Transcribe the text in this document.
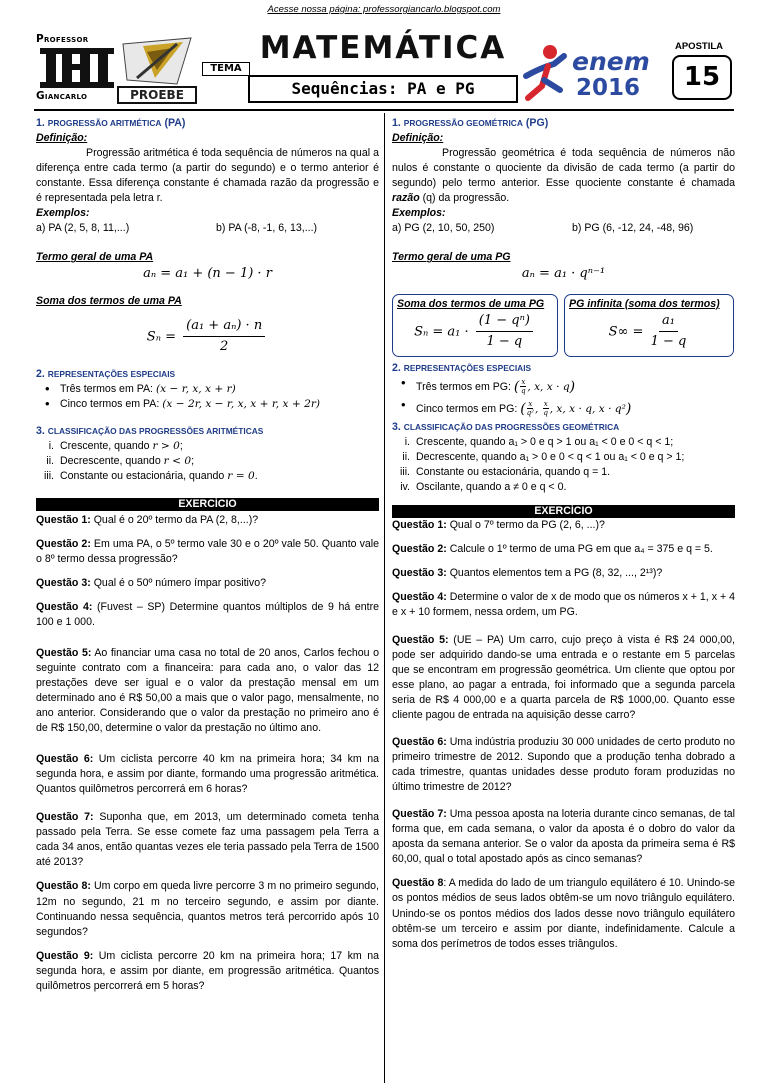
Acesse nossa página: professorgiancarlo.blogspot.com
Professor
Giancarlo	PROEBE
TEMA
MATEMÁTICA
Sequências: PA e PG
enem
2016
APOSTILA
15
1. PROGRESSÃO ARITMÉTICA (PA)
Definição:
Progressão aritmética é toda sequência de números na qual a diferença entre cada termo (a partir do segundo) e o termo anterior é constante. Essa diferença constante é chamada razão da progressão e é representada pela letra r.
Exemplos:
a) PA (2, 5, 8, 11,...)	b) PA (-8, -1, 6, 13,...)
Termo geral de uma PA
aₙ = a₁ + (n − 1) · r
Soma dos termos de uma PA
$S_n = \frac{\text{(a₁ + aₙ) · n}}{2}$
2. REPRESENTAÇÕES ESPECIAIS
• Três termos em PA: (x − r, x, x + r)
• Cinco termos em PA: (x − 2r, x − r, x, x + r, x + 2r)
3. CLASSIFICAÇÃO DAS PROGRESSÕES ARITMÉTICAS
i. Crescente, quando r > 0;
ii. Decrescente, quando r < 0;
iii. Constante ou estacionária, quando r = 0.
EXERCÍCIO
Questão 1: Qual é o 20º termo da PA (2, 8,...)?
Questão 2: Em uma PA, o 5º termo vale 30 e o 20º vale 50. Quanto vale o 8º termo dessa progressão?
Questão 3: Qual é o 50º número ímpar positivo?
Questão 4: (Fuvest – SP) Determine quantos múltiplos de 9 há entre 100 e 1 000.
Questão 5: Ao financiar uma casa no total de 20 anos, Carlos fechou o seguinte contrato com a financeira: para cada ano, o valor das 12 prestações deve ser igual e o valor da prestação mensal em um determinado ano é R$ 50,00 a mais que o valor pago, mensalmente, no ano anterior. Considerando que o valor da prestação no primeiro ano é de R$ 150,00, determine o valor da prestação no último ano.
Questão 6: Um ciclista percorre 40 km na primeira hora; 34 km na segunda hora, e assim por diante, formando uma progressão aritmética. Quantos quilômetros percorrerá em 6 horas?
Questão 7: Suponha que, em 2013, um determinado cometa tenha passado pela Terra. Se esse comete faz uma passagem pela Terra a cada 34 anos, então quantas vezes ele teria passado pela Terra de 1500 até 2013?
Questão 8: Um corpo em queda livre percorre 3 m no primeiro segundo, 12m no segundo, 21 m no terceiro segundo, e assim por diante. Continuando nessa sequência, quantos metros terá percorrido após 10 segundos?
Questão 9: Um ciclista percorre 20 km na primeira hora; 17 km na segunda hora, e assim por diante, em progressão aritmética. Quantos quilômetros percorrerá em 5 horas?
1. PROGRESSÃO GEOMÉTRICA (PG)
Definição:
Progressão geométrica é toda sequência de números não nulos é constante o quociente da divisão de cada termo (a partir do segundo) pelo termo anterior. Esse quociente constante é chamada razão (q) da progressão.
Exemplos:
a) PG (2, 10, 50, 250)	b) PG (6, -12, 24, -48, 96)
Termo geral de uma PG
aₙ = a₁ · qⁿ⁻¹
Soma dos termos de uma PG
$S_n = a_1 \cdot \frac{\text{(1 − qⁿ)}}{1 - q}$
PG infinita (soma dos termos)
$S\infty = \frac{\text{a₁}}{1 - q}$
2. REPRESENTAÇÕES ESPECIAIS
• Três termos em PG: ( $\frac{x}{q}$ , x, x · q)
• Cinco termos em PG: ( $\frac{x}{\text{q²}}$ , $\frac{x}{q}$ , x, x · q, x · q²)
3. CLASSIFICAÇÃO DAS PROGRESSÕES GEOMÉTRICA
i. Crescente, quando a₁ > 0 e q > 1 ou a₁ < 0 e 0 < q < 1;
ii. Decrescente, quando a₁ > 0 e 0 < q < 1 ou a₁ < 0 e q > 1;
iii. Constante ou estacionária, quando q = 1.
iv. Oscilante, quando a ≠ 0 e q < 0.
EXERCÍCIO
Questão 1: Qual o 7º termo da PG (2, 6, ...)?
Questão 2: Calcule o 1º termo de uma PG em que a₄ = 375 e q = 5.
Questão 3: Quantos elementos tem a PG (8, 32, ..., 2¹³)?
Questão 4: Determine o valor de x de modo que os números x + 1, x + 4 e x + 10 formem, nessa ordem, um PG.
Questão 5: (UE – PA) Um carro, cujo preço à vista é R$ 24 000,00, pode ser adquirido dando-se uma entrada e o restante em 5 parcelas que se encontram em progressão geométrica. Um cliente que optou por esse plano, ao pagar a entrada, foi informado que a segunda parcela seria de R$ 4 000,00 e a quarta parcela de R$ 1000,00. Quanto esse cliente pagou de entrada na aquisição desse carro?
Questão 6: Uma indústria produziu 30 000 unidades de certo produto no primeiro trimestre de 2012. Supondo que a produção tenha dobrado a cada trimestre, quantas unidades desse produto foram produzidas no último trimestre de 2012?
Questão 7: Uma pessoa aposta na loteria durante cinco semanas, de tal forma que, em cada semana, o valor da aposta é o dobro do valor da aposta da semana anterior. Se o valor da aposta da primeira sema é R$ 60,00, qual o total apostado após as cinco semanas?
Questão 8: A medida do lado de um triangulo equilátero é 10. Unindo-se os pontos médios de seus lados obtêm-se um novo triângulo equilátero. Unindo-se os pontos médios dos lados desse novo triângulo equilátero obtêm-se um terceiro e assim por diante, indefinidamente. Calcule a soma dos perímetros de todos esses triângulos.
